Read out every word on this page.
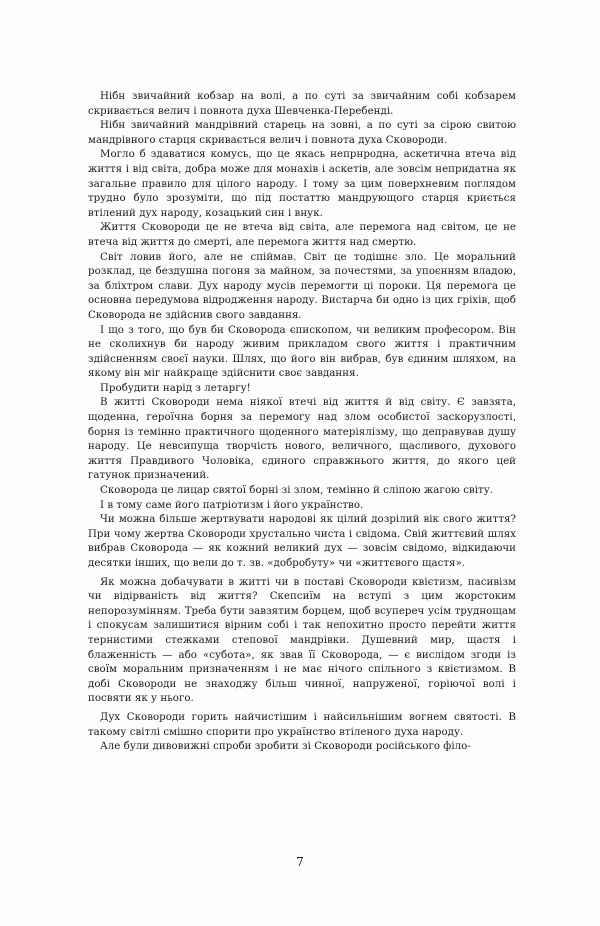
Нібн звичайний кобзар на волі, а по суті за звичайним собі кобзарем скривається велич і повнота духа Шевченка-Перебенді.

Нібн звичайний мандрівний старець на зовні, а по суті за сірою свитою мандрівного старця скривається велич і повнота духа Сковороди.

Могло б здаватися комусь, що це якась непрнродна, аскетична втеча від життя і від світа, добра може для монахів і аскетів, але зовсім непридатна як загальне правило для цілого народу. І тому за цим поверхневим поглядом трудно було зрозуміти, що під постаттю мандрующого старця криється втілений дух народу, козацький син і внук.

Життя Сковороди це не втеча від світа, але перемога над світом, це не втеча від життя до смерті, але перемога життя над смертю.

Світ ловив його, але не спіймав. Світ це тодішнє зло. Це моральний розклад, це бездушна погоня за майном, за почестями, за упоєнням владою, за бліхтром слави. Дух народу мусів перемогти ці пороки. Ця перемога це основна передумова відродження народу. Вистарча би одно із цих гріхів, щоб Сковорода не здійснив свого завдання.

І що з того, що був би Сковорода єпископом, чи великим професором. Він не сколихнув би народу живим прикладом свого життя і практичним здійсненням своєї науки. Шлях, що його він вибрав, був єдиним шляхом, на якому він міг найкраще здійснити своє завдання.

Пробудити нарід з летаргу!

В житті Сковороди нема ніякої втечі від життя й від світу. Є завзята, щоденна, героїчна борня за перемогу над злом особистої заскорузлості, борня із темінно практичного щоденного матеріялізму, що деправував душу народу. Це невсипуща творчість нового, величного, щасливого, духового життя Правдивого Чоловіка, єдиного справжнього життя, до якого цей гатунок призначений.

Сковорода це лицар святої борні зі злом, темінно й сліпою жагою світу.

І в тому саме його патріотизм і його українство.

Чи можна більше жертвувати народові як цілий дозрілий вік свого життя? При чому жертва Сковороди хрустально чиста і свідома. Свій життєвий шлях вибрав Сковорода — як кожний великий дух — зовсім свідомо, відкидаючи десятки інших, що вели до т. зв. «добробуту» чи «життєвого щастя».

Як можна добачувати в житті чи в поставі Сковороди квієтизм, пасивізм чи відірваність від життя? Скепсиїм на вступі з цим жорстоким непорозумінням. Треба бути завзятим борцем, щоб всупереч усім труднощам і спокусам залишитися вірним собі і так непохитно просто перейти життя тернистими стежками степової мандрівки. Душевний мир, щастя і блаженність — або «субота», як звав її Сковорода, — є вислідом згоди із своїм моральним призначенням і не має нічого спільного з квієтизмом. В добі Сковороди не знаходжу більш чинної, напруженої, горіючої волі і посвяти як у нього.

Дух Сковороди горить найчистішим і найсильнішим вогнем святості. В такому світлі смішно спорити про українство втіленого духа народу.

Але були дивовижні спроби зробити зі Сковороди російського філо-

7
